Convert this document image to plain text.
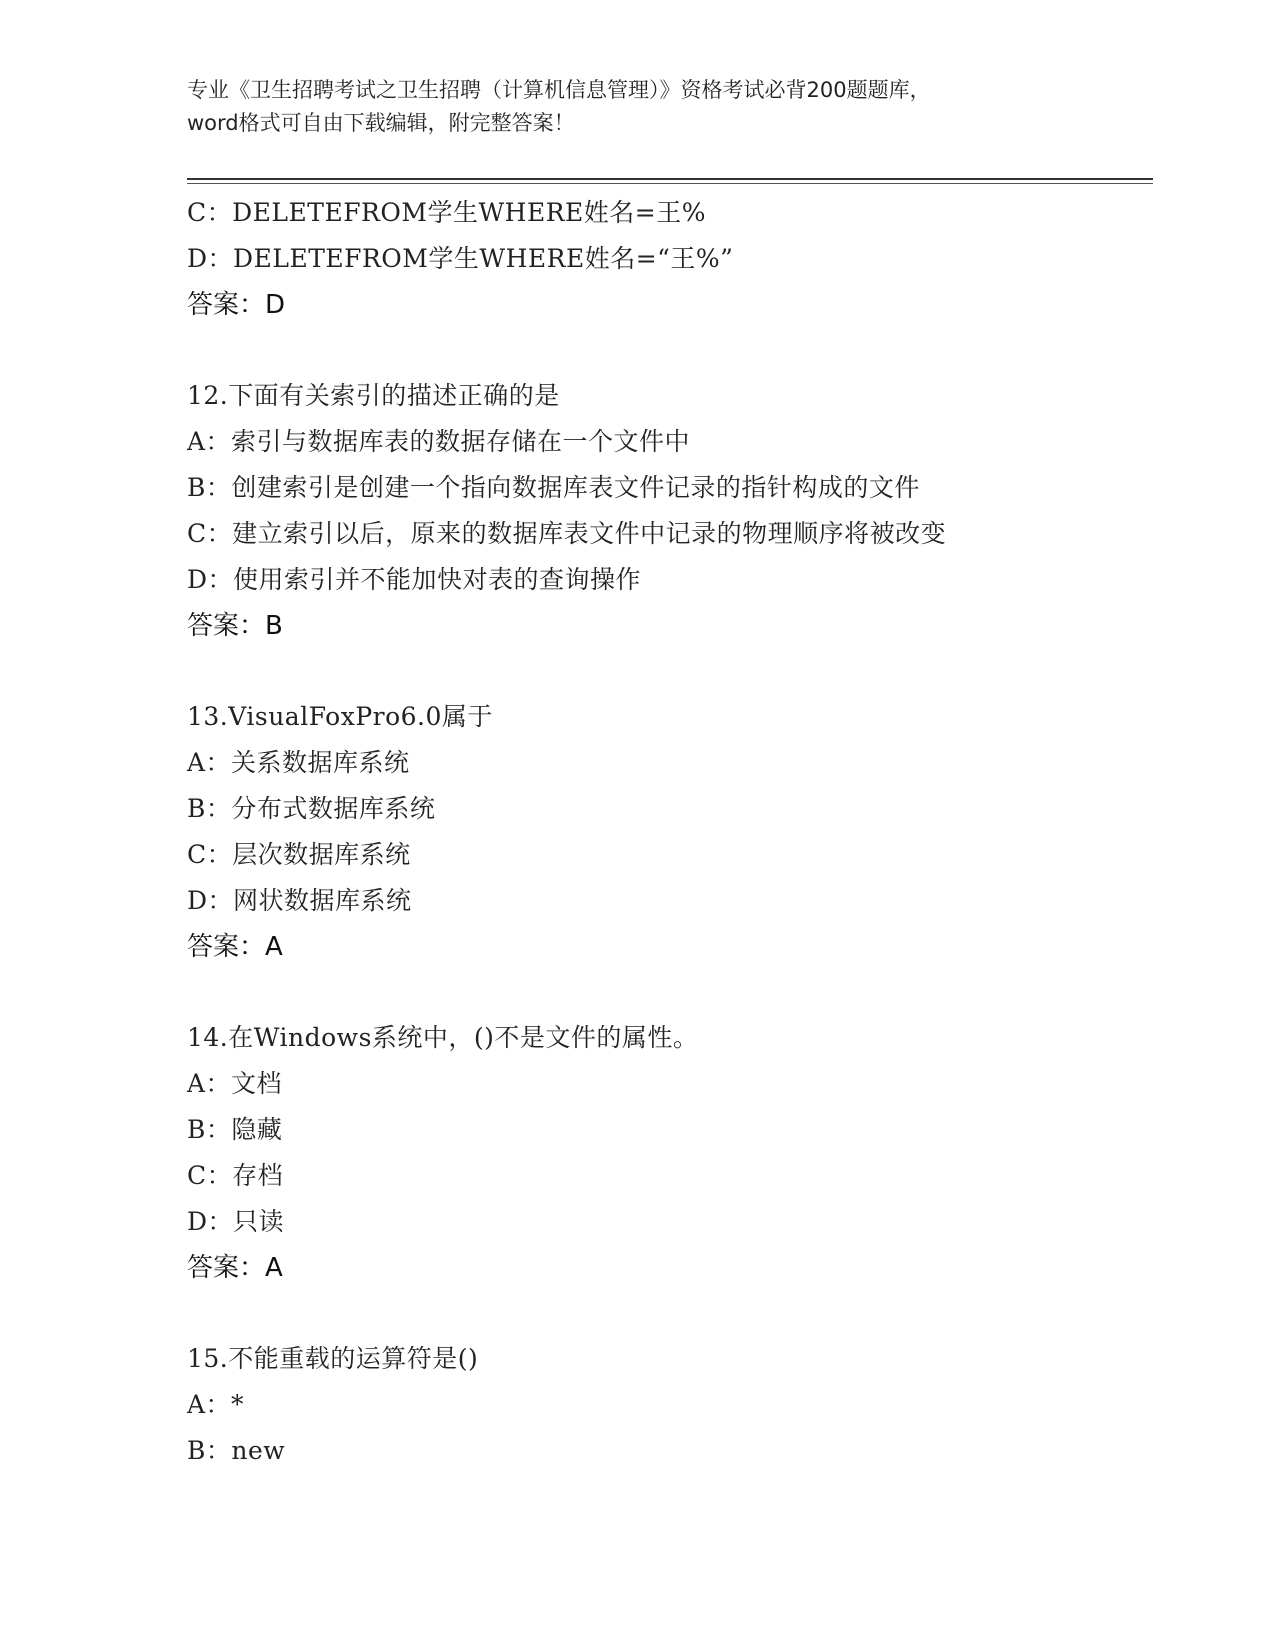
专业《卫生招聘考试之卫生招聘（计算机信息管理）》资格考试必背200题题库，
word格式可自由下载编辑，附完整答案！
C：DELETEFROM学生WHERE姓名=王%
D：DELETEFROM学生WHERE姓名=“王%”
答案：D
12.下面有关索引的描述正确的是
A：索引与数据库表的数据存储在一个文件中
B：创建索引是创建一个指向数据库表文件记录的指针构成的文件
C：建立索引以后，原来的数据库表文件中记录的物理顺序将被改变
D：使用索引并不能加快对表的查询操作
答案：B
13.VisualFoxPro6.0属于
A：关系数据库系统
B：分布式数据库系统
C：层次数据库系统
D：网状数据库系统
答案：A
14.在Windows系统中，()不是文件的属性。
A：文档
B：隐藏
C：存档
D：只读
答案：A
15.不能重载的运算符是()
A：*
B：new
